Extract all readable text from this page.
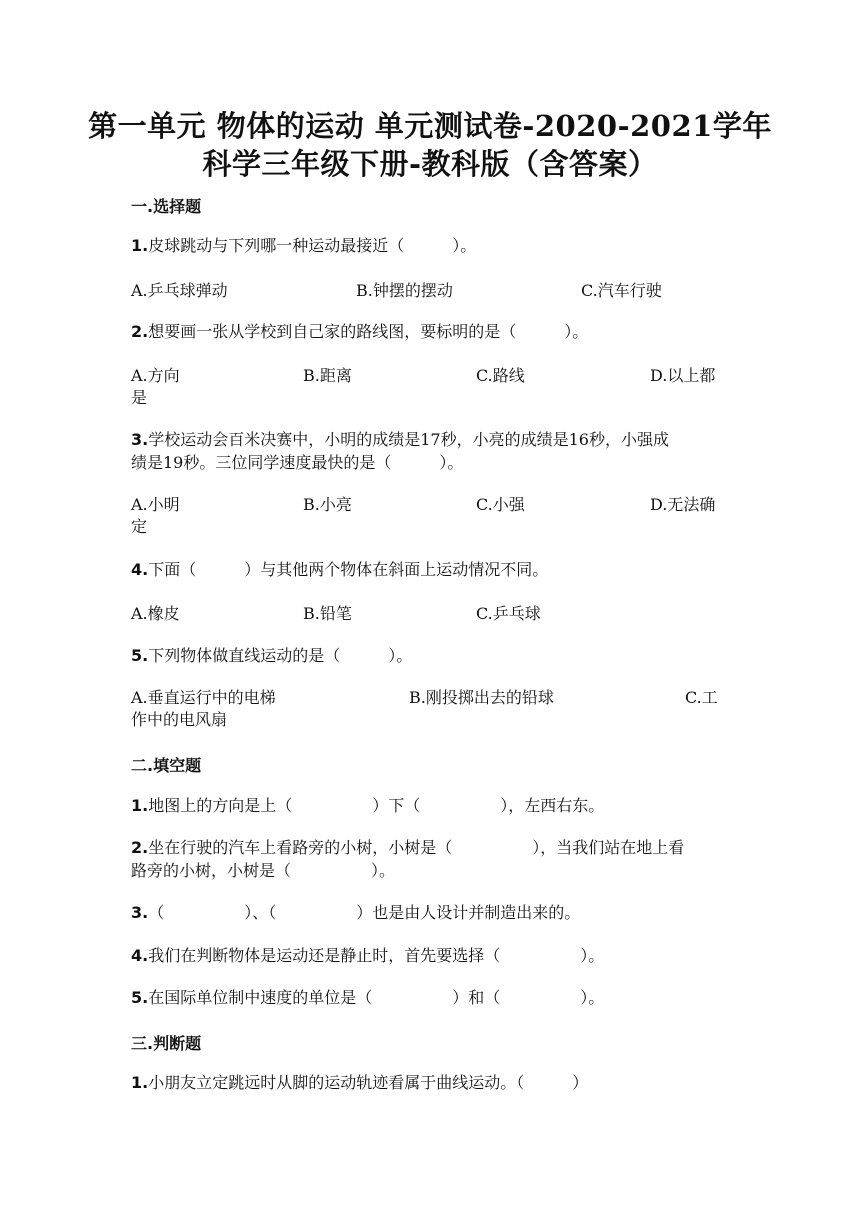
第一单元 物体的运动 单元测试卷-2020-2021学年
科学三年级下册-教科版（含答案）
一.选择题
1.皮球跳动与下列哪一种运动最接近（　　　）。
A.乒乓球弹动	B.钟摆的摆动	C.汽车行驶
2.想要画一张从学校到自己家的路线图，要标明的是（　　　）。
A.方向	B.距离	C.路线	D.以上都
是
3.学校运动会百米决赛中，小明的成绩是17秒，小亮的成绩是16秒，小强成
绩是19秒。三位同学速度最快的是（　　　）。
A.小明	B.小亮	C.小强	D.无法确
定
4.下面（　　　）与其他两个物体在斜面上运动情况不同。
A.橡皮	B.铅笔	C.乒乓球
5.下列物体做直线运动的是（　　　）。
A.垂直运行中的电梯	B.刚投掷出去的铅球	C.工
作中的电风扇
二.填空题
1.地图上的方向是上（　　　　　）下（　　　　　），左西右东。
2.坐在行驶的汽车上看路旁的小树，小树是（　　　　　），当我们站在地上看
路旁的小树，小树是（　　　　　）。
3.（　　　　　）、（　　　　　）也是由人设计并制造出来的。
4.我们在判断物体是运动还是静止时，首先要选择（　　　　　）。
5.在国际单位制中速度的单位是（　　　　　）和（　　　　　）。
三.判断题
1.小朋友立定跳远时从脚的运动轨迹看属于曲线运动。（　　　）
